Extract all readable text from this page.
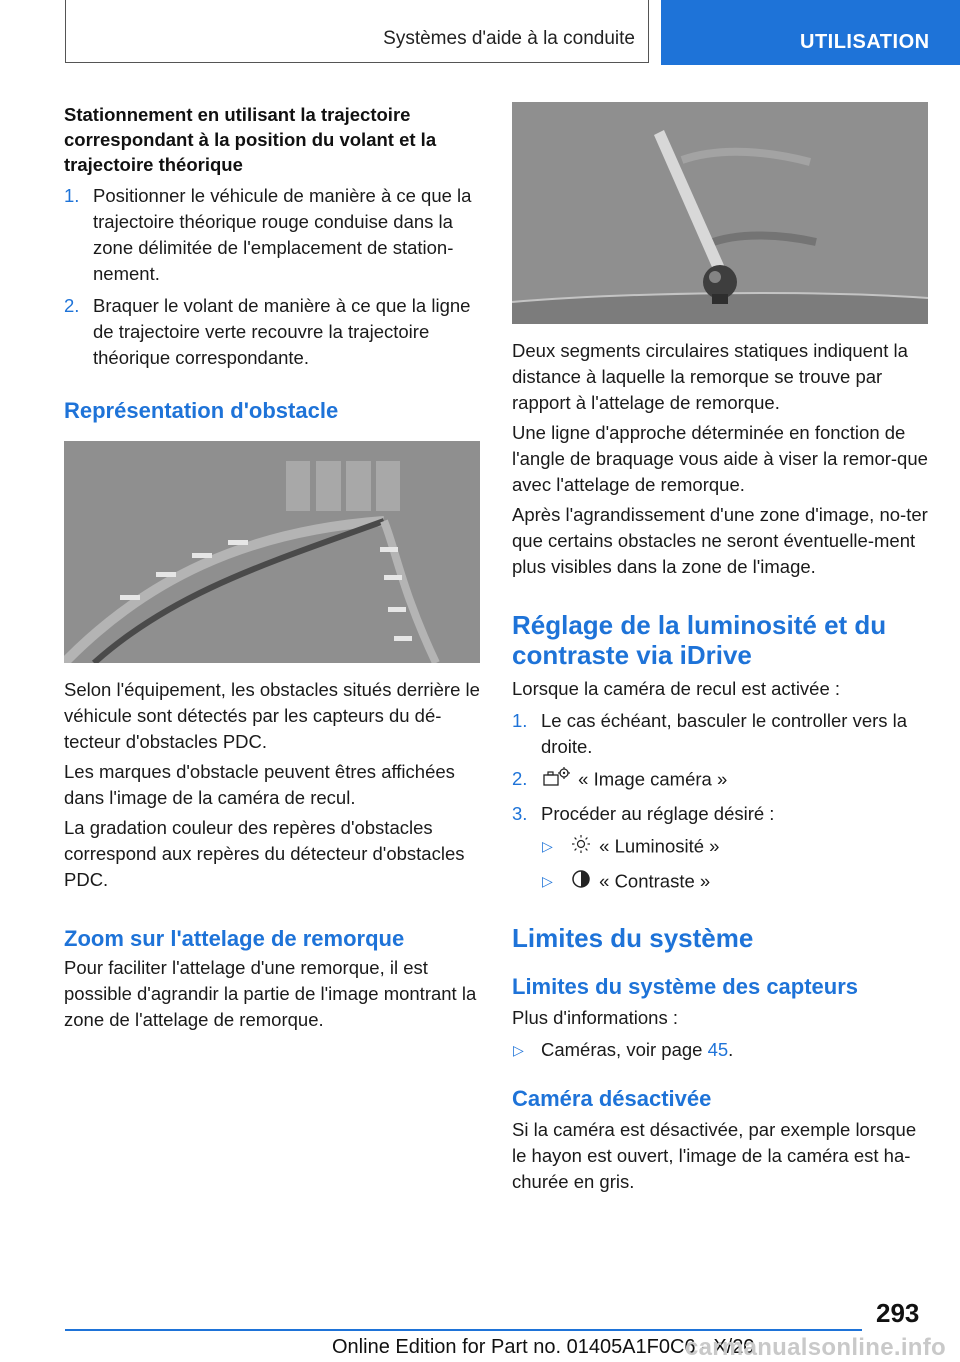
Systèmes d'aide à la conduite	UTILISATION

Stationnement en utilisant la trajectoire correspondant à la position du volant et la trajectoire théorique

1. Positionner le véhicule de manière à ce que la trajectoire théorique rouge conduise dans la zone délimitée de l'emplacement de station‐nement.
2. Braquer le volant de manière à ce que la ligne de trajectoire verte recouvre la trajectoire théorique correspondante.

Représentation d'obstacle

Selon l'équipement, les obstacles situés derrière le véhicule sont détectés par les capteurs du dé‐tecteur d'obstacles PDC.

Les marques d'obstacle peuvent êtres affichées dans l'image de la caméra de recul.

La gradation couleur des repères d'obstacles correspond aux repères du détecteur d'obstacles PDC.

Zoom sur l'attelage de remorque

Pour faciliter l'attelage d'une remorque, il est possible d'agrandir la partie de l'image montrant la zone de l'attelage de remorque.

Deux segments circulaires statiques indiquent la distance à laquelle la remorque se trouve par rapport à l'attelage de remorque.

Une ligne d'approche déterminée en fonction de l'angle de braquage vous aide à viser la remor‐que avec l'attelage de remorque.

Après l'agrandissement d'une zone d'image, no‐ter que certains obstacles ne seront éventuelle‐ment plus visibles dans la zone de l'image.

Réglage de la luminosité et du contraste via iDrive

Lorsque la caméra de recul est activée :

1. Le cas échéant, basculer le controller vers la droite.
2.	« Image caméra »
3. Procéder au réglage désiré :
▷	« Luminosité »
▷	« Contraste »

Limites du système

Limites du système des capteurs

Plus d'informations :

▷ Caméras, voir page 45.

Caméra désactivée

Si la caméra est désactivée, par exemple lorsque le hayon est ouvert, l'image de la caméra est ha‐churée en gris.

293
Online Edition for Part no. 01405A1F0C6 - X/20
carmanualsonline.info
